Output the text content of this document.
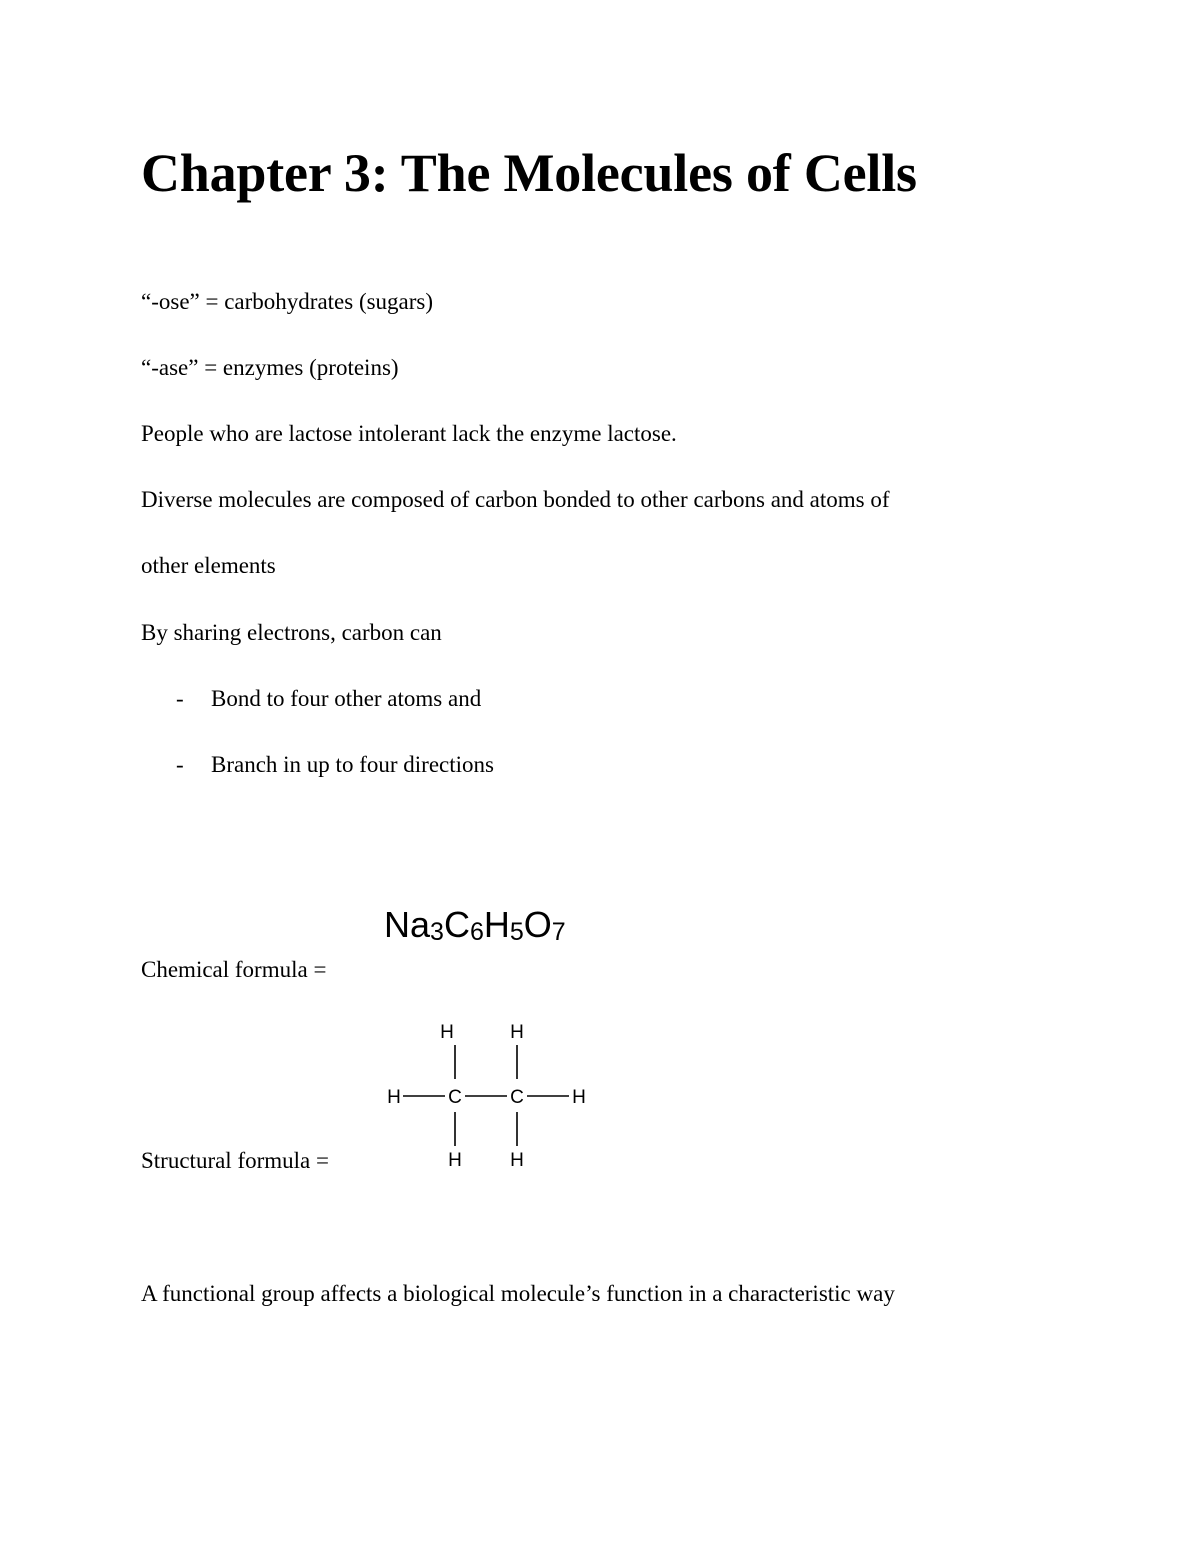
Chapter 3: The Molecules of Cells
“-ose” = carbohydrates (sugars)
“-ase” = enzymes (proteins)
People who are lactose intolerant lack the enzyme lactose.
Diverse molecules are composed of carbon bonded to other carbons and atoms of
other elements
By sharing electrons, carbon can
- Bond to four other atoms and
- Branch in up to four directions
$Na_3C_6H_5O_7$
Chemical formula =
H	H
H C	C	H
H	H
Structural formula =
A functional group affects a biological molecule’s function in a characteristic way
